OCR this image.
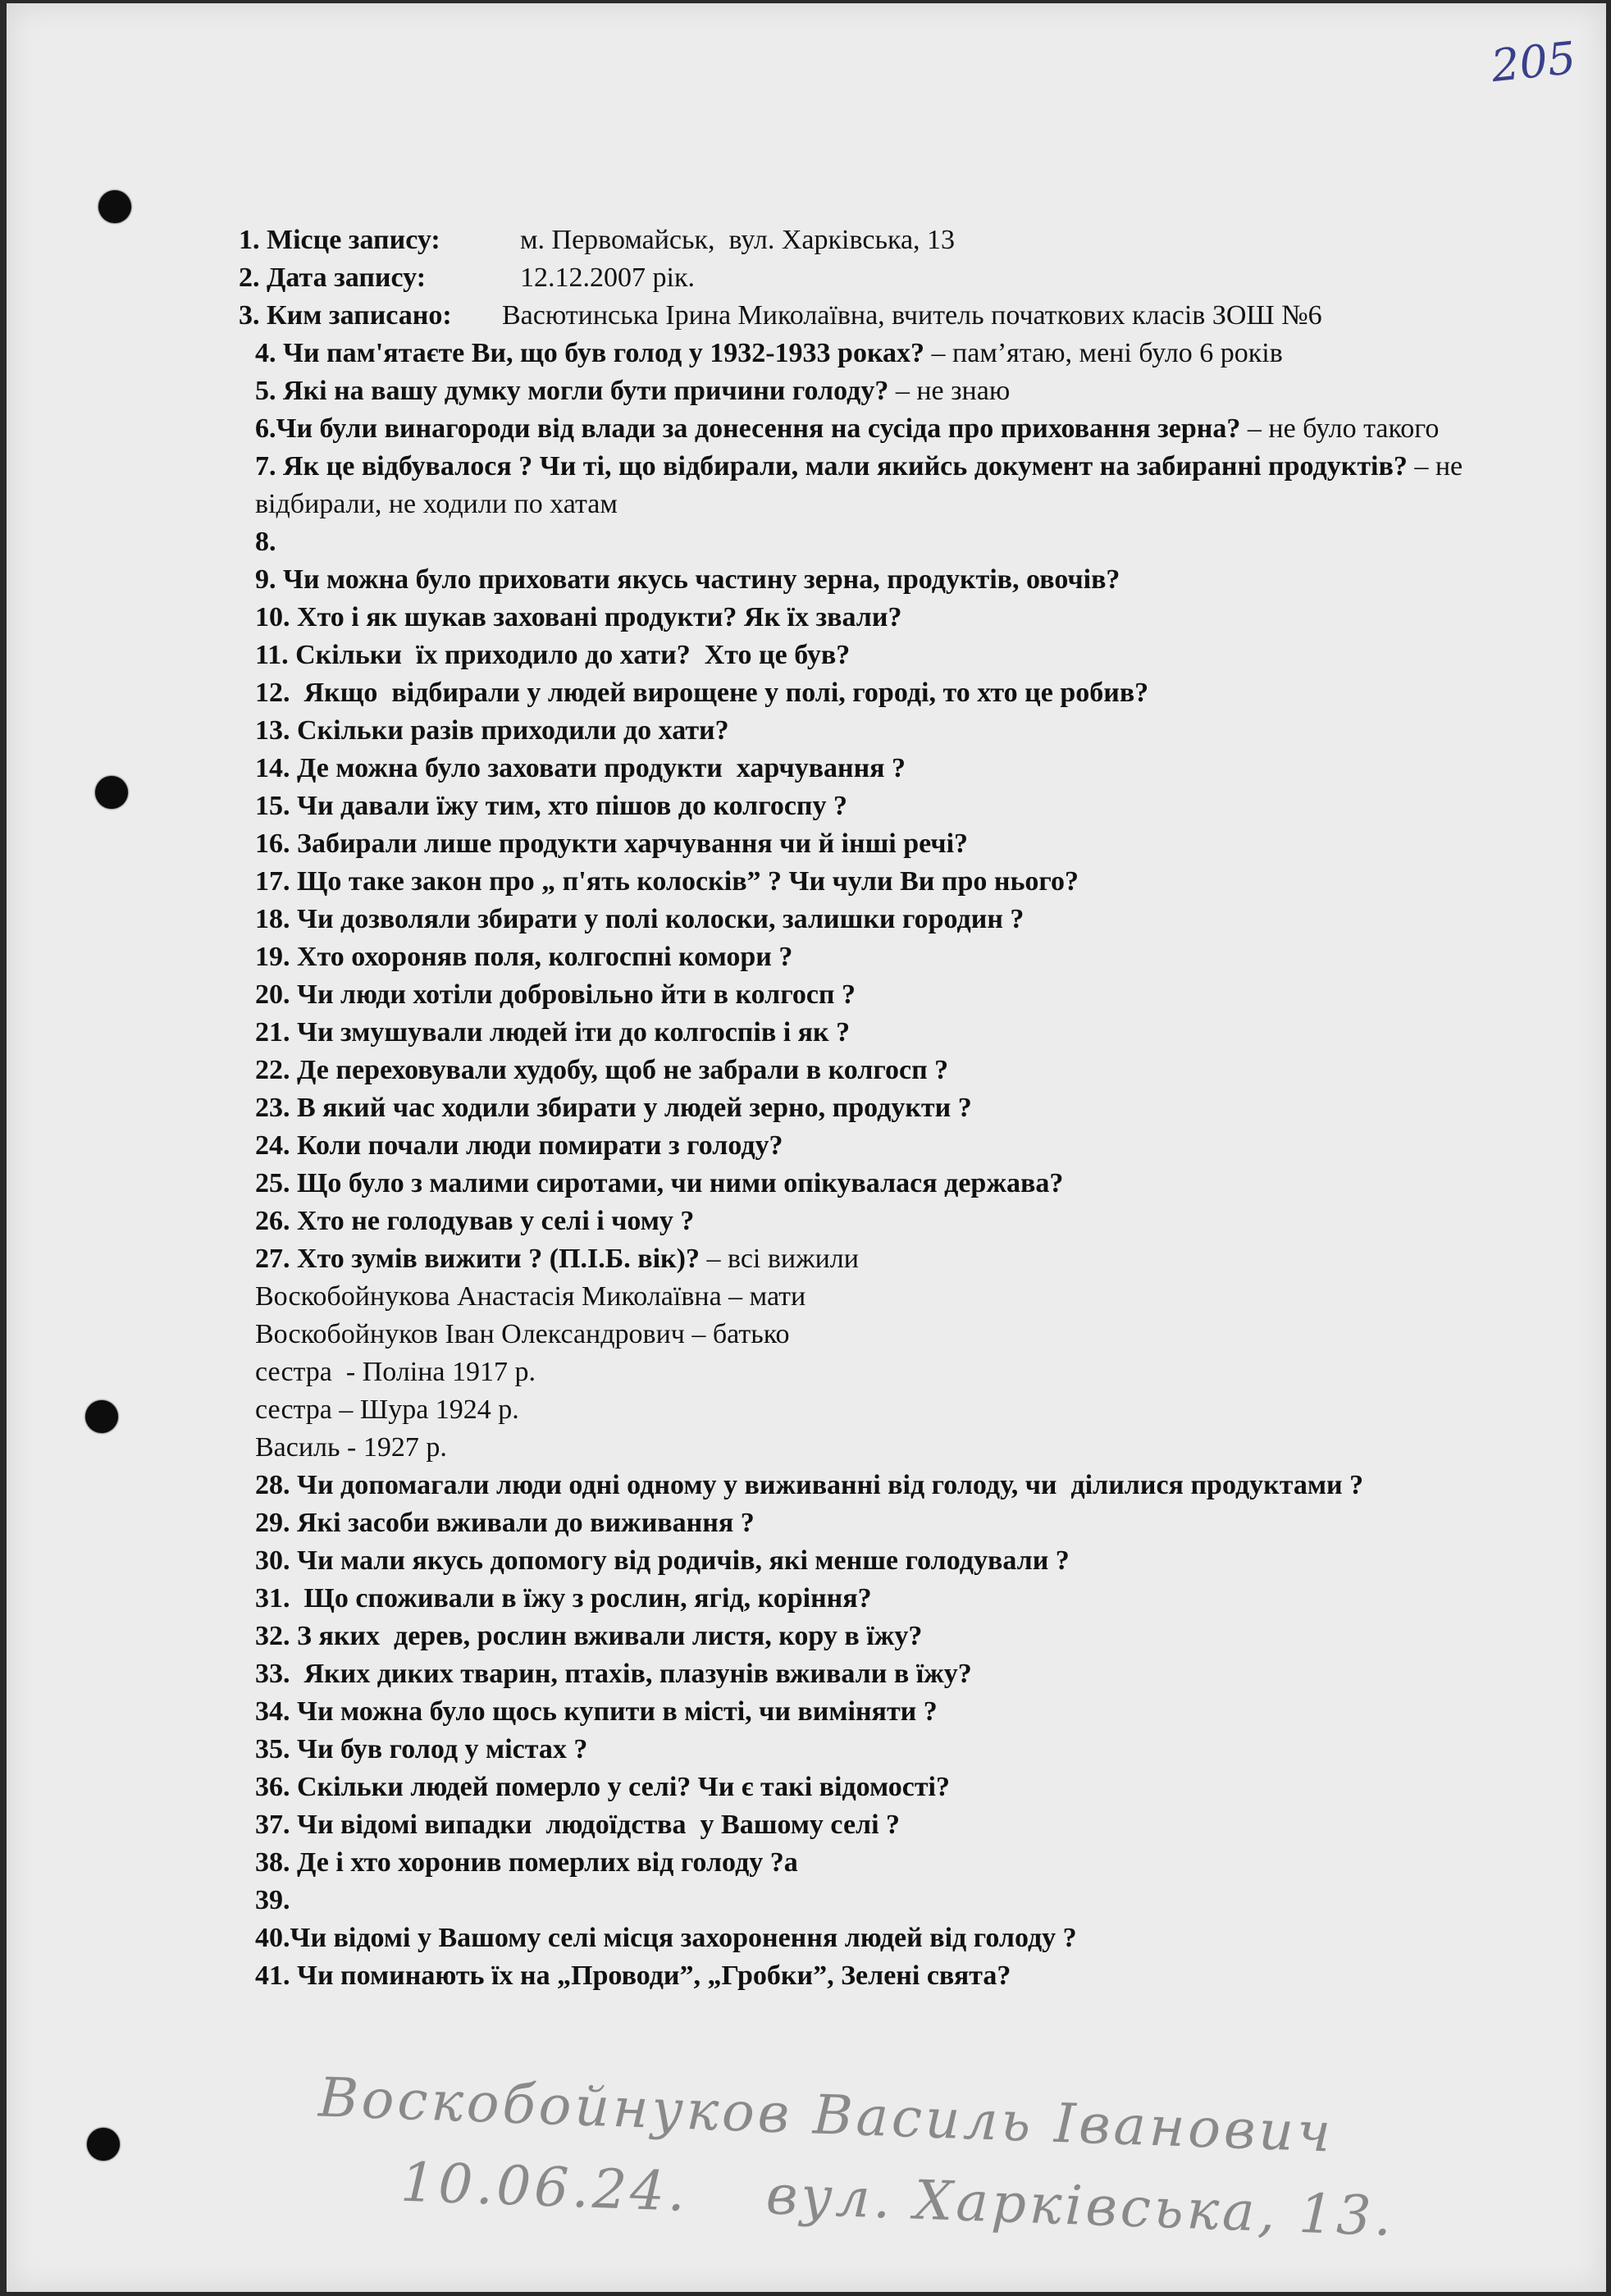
205
1. Місце запису:	м. Первомайськ,  вул. Харківська, 13
2. Дата запису:	12.12.2007 рік.
3. Ким записано:	Васютинська Ірина Миколаївна, вчитель початкових класів ЗОШ №6
4. Чи пам'ятаєте Ви, що був голод у 1932-1933 роках? – пам’ятаю, мені було 6 років
5. Які на вашу думку могли бути причини голоду? – не знаю
6.Чи були винагороди від влади за донесення на сусіда про приховання зерна? – не було такого
7. Як це відбувалося ? Чи ті, що відбирали, мали якийсь документ на забиранні продуктів? – не відбирали, не ходили по хатам
8.
9. Чи можна було приховати якусь частину зерна, продуктів, овочів?
10. Хто і як шукав заховані продукти? Як їх звали?
11. Скільки  їх приходило до хати?  Хто це був?
12.  Якщо  відбирали у людей вирощене у полі, городі, то хто це робив?
13. Скільки разів приходили до хати?
14. Де можна було заховати продукти  харчування ?
15. Чи давали їжу тим, хто пішов до колгоспу ?
16. Забирали лише продукти харчування чи й інші речі?
17. Що таке закон про „ п'ять колосків” ? Чи чули Ви про нього?
18. Чи дозволяли збирати у полі колоски, залишки городин ?
19. Хто охороняв поля, колгоспні комори ?
20. Чи люди хотіли добровільно йти в колгосп ?
21. Чи змушували людей іти до колгоспів і як ?
22. Де переховували худобу, щоб не забрали в колгосп ?
23. В який час ходили збирати у людей зерно, продукти ?
24. Коли почали люди помирати з голоду?
25. Що було з малими сиротами, чи ними опікувалася держава?
26. Хто не голодував у селі і чому ?
27. Хто зумів вижити ? (П.І.Б. вік)? – всі вижили
Воскобойнукова Анастасія Миколаївна – мати
Воскобойнуков Іван Олександрович – батько
сестра  - Поліна 1917 р.
сестра – Шура 1924 р.
Василь - 1927 р.
28. Чи допомагали люди одні одному у виживанні від голоду, чи  ділилися продуктами ?
29. Які засоби вживали до виживання ?
30. Чи мали якусь допомогу від родичів, які менше голодували ?
31.  Що споживали в їжу з рослин, ягід, коріння?
32. З яких  дерев, рослин вживали листя, кору в їжу?
33.  Яких диких тварин, птахів, плазунів вживали в їжу?
34. Чи можна було щось купити в місті, чи виміняти ?
35. Чи був голод у містах ?
36. Скільки людей померло у селі? Чи є такі відомості?
37. Чи відомі випадки  людоїдства  у Вашому селі ?
38. Де і хто хоронив померлих від голоду ?а
39.
40.Чи відомі у Вашому селі місця захоронення людей від голоду ?
41. Чи поминають їх на „Проводи”, „Гробки”, Зелені свята?
Воскобойнуков Василь Іванович
10.06.24. вул. Харківська, 13.
